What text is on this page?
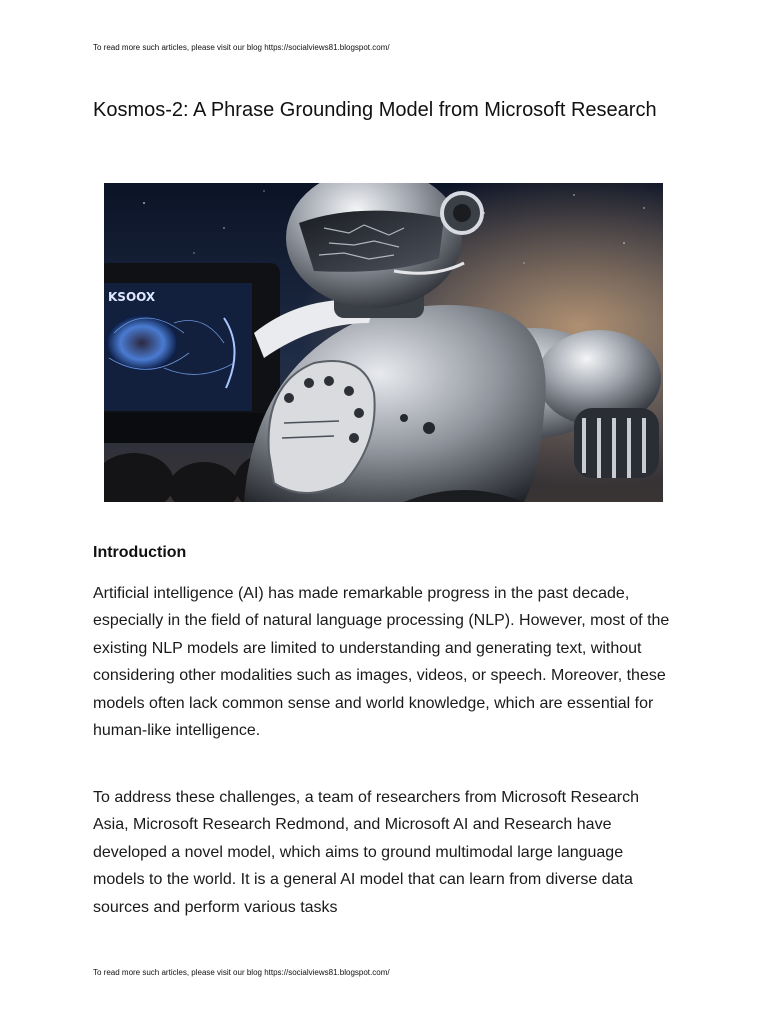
To read more such articles, please visit our blog https://socialviews81.blogspot.com/
Kosmos-2: A Phrase Grounding Model from Microsoft Research
KSOOX
Introduction

Artificial intelligence (AI) has made remarkable progress in the past decade, especially in the field of natural language processing (NLP). However, most of the existing NLP models are limited to understanding and generating text, without considering other modalities such as images, videos, or speech. Moreover, these models often lack common sense and world knowledge, which are essential for human-like intelligence.

To address these challenges, a team of researchers from Microsoft Research Asia, Microsoft Research Redmond, and Microsoft AI and Research have developed a novel model, which aims to ground multimodal large language models to the world. It is a general AI model that can learn from diverse data sources and perform various tasks

To read more such articles, please visit our blog https://socialviews81.blogspot.com/
